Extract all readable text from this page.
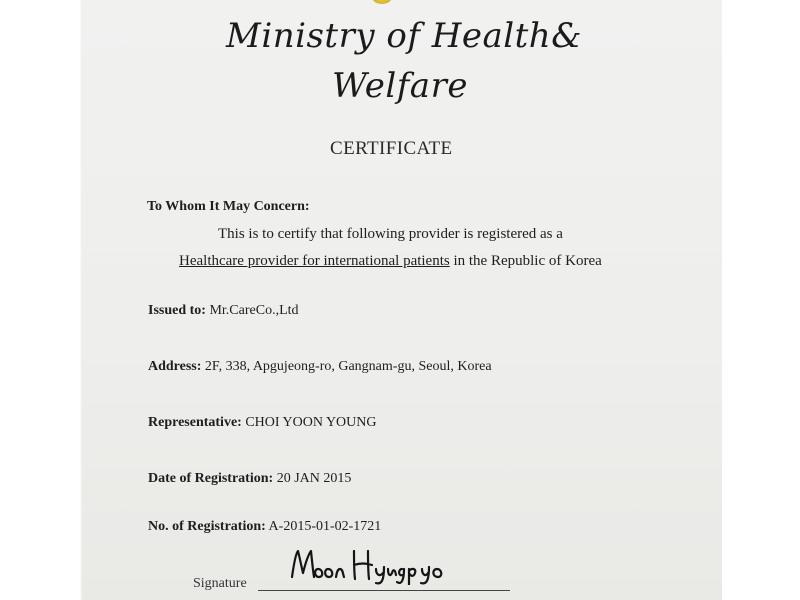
Ministry of Health&
Welfare
CERTIFICATE
To Whom It May Concern:
This is to certify that following provider is registered as a
Healthcare provider for international patients in the Republic of Korea
Issued to: Mr.CareCo.,Ltd
Address: 2F, 338, Apgujeong-ro, Gangnam-gu, Seoul, Korea
Representative: CHOI YOON YOUNG
Date of Registration: 20 JAN 2015
No. of Registration: A-2015-01-02-1721
Signature
